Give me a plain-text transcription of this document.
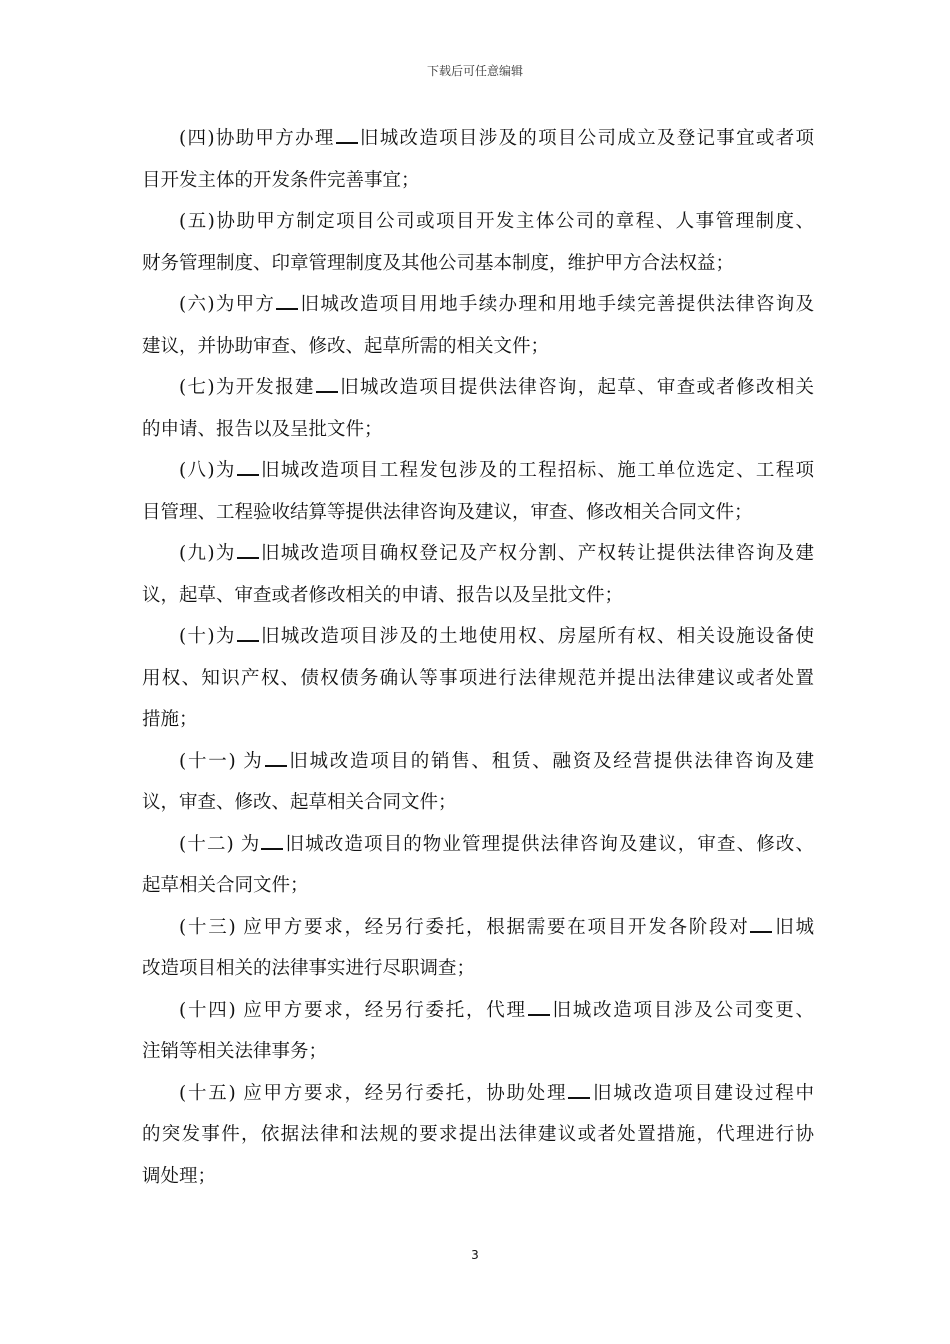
下载后可任意编辑
(四)协助甲方办理 旧城改造项目涉及的项目公司成立及登记事宜或者项
目开发主体的开发条件完善事宜；
(五)协助甲方制定项目公司或项目开发主体公司的章程、人事管理制度、
财务管理制度、印章管理制度及其他公司基本制度，维护甲方合法权益；
(六)为甲方 旧城改造项目用地手续办理和用地手续完善提供法律咨询及
建议，并协助审查、修改、起草所需的相关文件；
(七)为开发报建 旧城改造项目提供法律咨询，起草、审查或者修改相关
的申请、报告以及呈批文件；
(八)为 旧城改造项目工程发包涉及的工程招标、施工单位选定、工程项
目管理、工程验收结算等提供法律咨询及建议，审查、修改相关合同文件；
(九)为 旧城改造项目确权登记及产权分割、产权转让提供法律咨询及建
议，起草、审查或者修改相关的申请、报告以及呈批文件；
(十)为 旧城改造项目涉及的土地使用权、房屋所有权、相关设施设备使
用权、知识产权、债权债务确认等事项进行法律规范并提出法律建议或者处置
措施；
(十一) 为 旧城改造项目的销售、租赁、融资及经营提供法律咨询及建
议，审查、修改、起草相关合同文件；
(十二) 为 旧城改造项目的物业管理提供法律咨询及建议，审查、修改、
起草相关合同文件；
(十三) 应甲方要求，经另行委托，根据需要在项目开发各阶段对 旧城
改造项目相关的法律事实进行尽职调查；
(十四) 应甲方要求，经另行委托，代理 旧城改造项目涉及公司变更、
注销等相关法律事务；
(十五) 应甲方要求，经另行委托，协助处理 旧城改造项目建设过程中
的突发事件，依据法律和法规的要求提出法律建议或者处置措施，代理进行协
调处理；
3
